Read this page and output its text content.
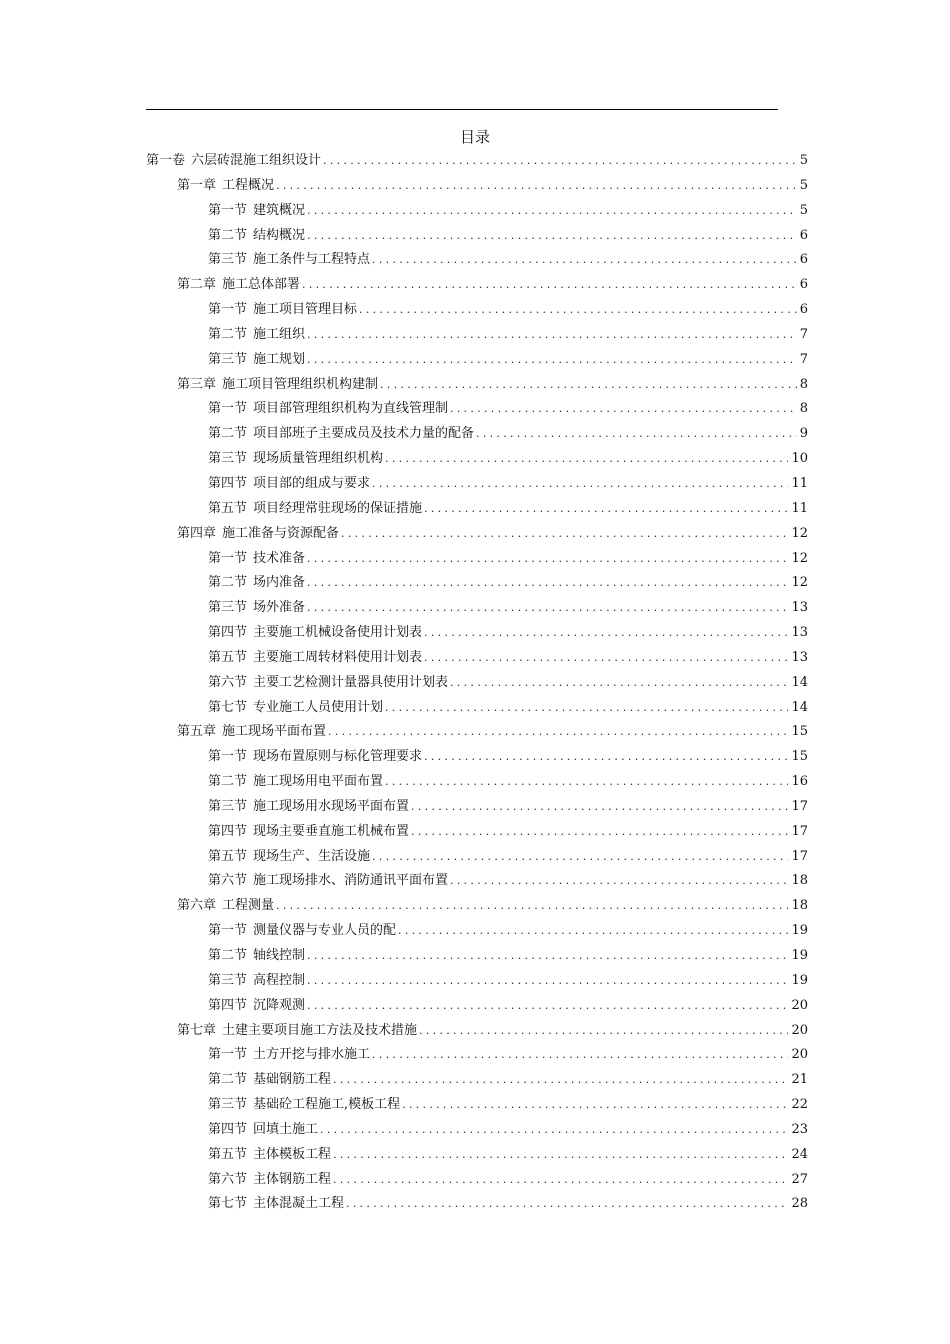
目录
第一卷 六层砖混施工组织设计 .....	5
第一章 工程概况 .....	5
第一节 建筑概况 .....	5
第二节 结构概况 .....	6
第三节 施工条件与工程特点 .....	6
第二章 施工总体部署 .....	6
第一节 施工项目管理目标 .....	6
第二节 施工组织 .....	7
第三节 施工规划 .....	7
第三章 施工项目管理组织机构建制 .....	8
第一节 项目部管理组织机构为直线管理制 .....	8
第二节 项目部班子主要成员及技术力量的配备 .....	9
第三节 现场质量管理组织机构 .....	10
第四节 项目部的组成与要求 .....	11
第五节 项目经理常驻现场的保证措施 .....	11
第四章 施工准备与资源配备 .....	12
第一节 技术准备 .....	12
第二节 场内准备 .....	12
第三节 场外准备 .....	13
第四节 主要施工机械设备使用计划表 .....	13
第五节 主要施工周转材料使用计划表 .....	13
第六节 主要工艺检测计量器具使用计划表 .....	14
第七节 专业施工人员使用计划 .....	14
第五章 施工现场平面布置 .....	15
第一节 现场布置原则与标化管理要求 .....	15
第二节 施工现场用电平面布置 .....	16
第三节 施工现场用水现场平面布置 .....	17
第四节 现场主要垂直施工机械布置 .....	17
第五节 现场生产、生活设施 .....	17
第六节 施工现场排水、消防通讯平面布置 .....	18
第六章 工程测量 .....	18
第一节 测量仪器与专业人员的配 .....	19
第二节 轴线控制 .....	19
第三节 高程控制 .....	19
第四节 沉降观测 .....	20
第七章 土建主要项目施工方法及技术措施 .....	20
第一节 土方开挖与排水施工 .....	20
第二节 基础钢筋工程 .....	21
第三节 基础砼工程施工,模板工程 .....	22
第四节 回填土施工 .....	23
第五节 主体模板工程 .....	24
第六节 主体钢筋工程 .....	27
第七节 主体混凝土工程 .....	28
